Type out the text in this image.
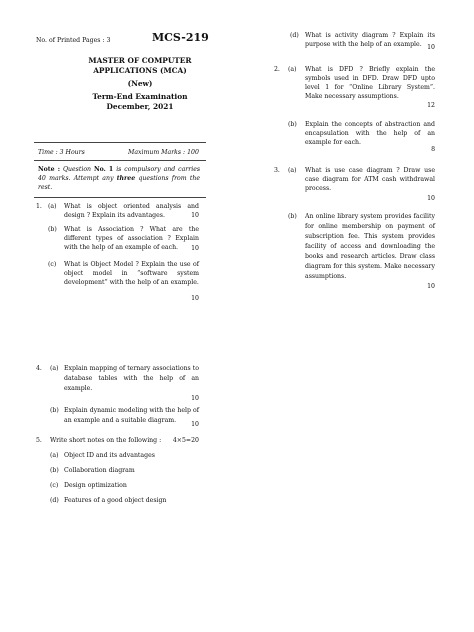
No. of Printed Pages : 3	MCS-219
MASTER OF COMPUTER
APPLICATIONS (MCA)
(New)
Term-End Examination
December, 2021
Time : 3 Hours	Maximum Marks : 100
Note : Question No. 1 is compulsory and carries 40 marks. Attempt any three questions from the rest.
1. (a) What is object oriented analysis and design ? Explain its advantages.	10
(b) What is Association ? What are the different types of association ? Explain with the help of an example of each.	10
(c) What is Object Model ? Explain the use of object model in “software system development” with the help of an example.
10
(d) What is activity diagram ? Explain its purpose with the help of an example. 10
2. (a) What is DFD ? Briefly explain the symbols used in DFD. Draw DFD upto level 1 for “Online Library System”. Make necessary assumptions.
12
(b) Explain the concepts of abstraction and encapsulation with the help of an example for each.
8
3. (a) What is use case diagram ? Draw use case diagram for ATM cash withdrawal process.
10
(b) An online library system provides facility for online membership on payment of subscription fee. This system provides facility of access and downloading the books and research articles. Draw class diagram for this system. Make necessary assumptions.
10
4. (a) Explain mapping of ternary associations to database tables with the help of an example.
10
(b) Explain dynamic modeling with the help of an example and a suitable diagram.
10
5. Write short notes on the following :	4×5=20
(a) Object ID and its advantages
(b) Collaboration diagram
(c) Design optimization
(d) Features of a good object design
